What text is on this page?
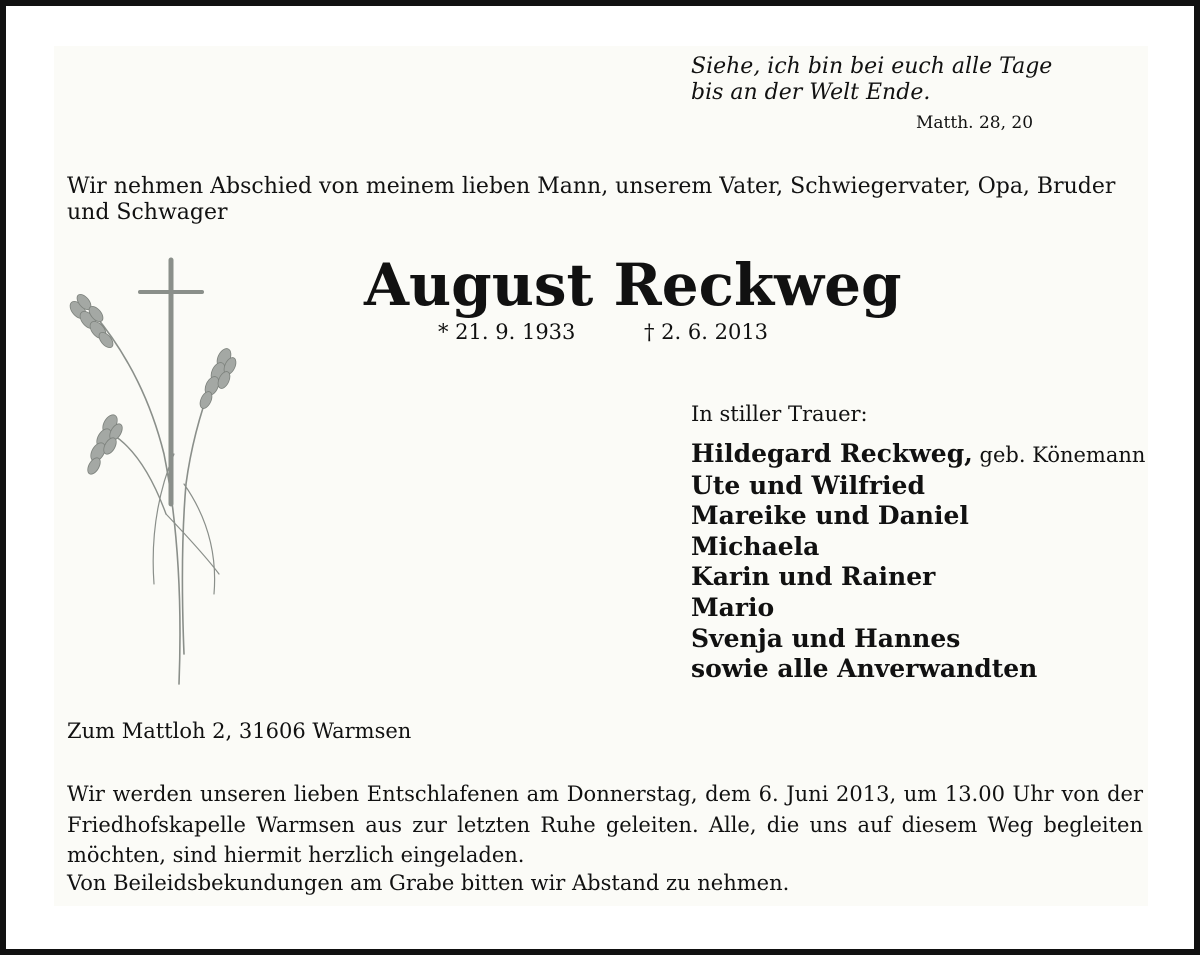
Siehe, ich bin bei euch alle Tage
bis an der Welt Ende.

Matth. 28, 20

Wir nehmen Abschied von meinem lieben Mann, unserem Vater, Schwiegervater, Opa, Bruder und Schwager

August Reckweg

* 21. 9. 1933	† 2. 6. 2013

In stiller Trauer:

Hildegard Reckweg, geb. Könemann
Ute und Wilfried
Mareike und Daniel
Michaela
Karin und Rainer
Mario
Svenja und Hannes
sowie alle Anverwandten

Zum Mattloh 2, 31606 Warmsen

Wir werden unseren lieben Entschlafenen am Donnerstag, dem 6. Juni 2013, um 13.00 Uhr von der Friedhofskapelle Warmsen aus zur letzten Ruhe geleiten. Alle, die uns auf diesem Weg begleiten möchten, sind hiermit herzlich eingeladen.

Von Beileidsbekundungen am Grabe bitten wir Abstand zu nehmen.
